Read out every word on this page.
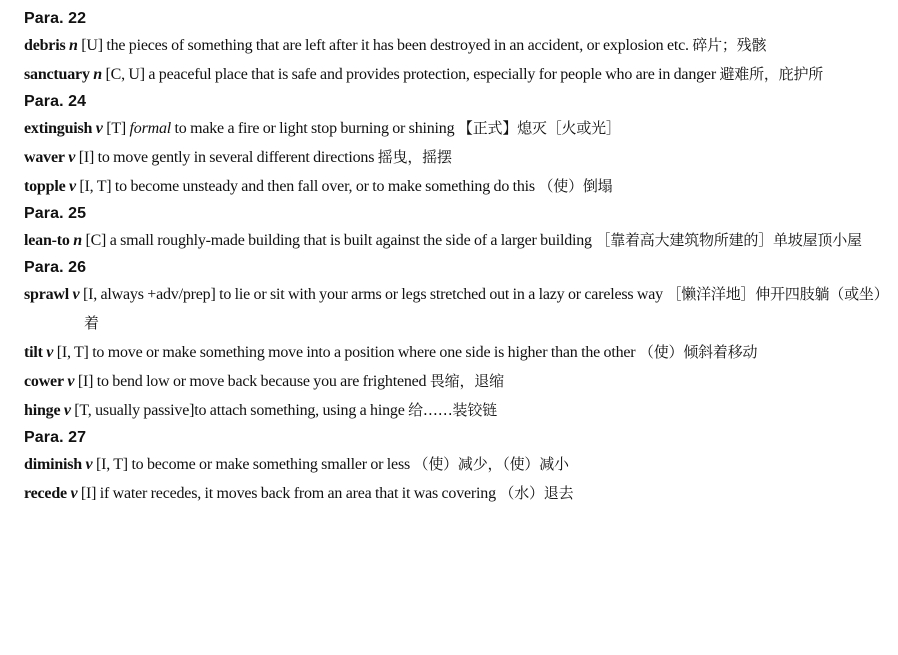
Para. 22

debris n [U] the pieces of something that are left after it has been destroyed in an accident, or explosion etc. 碎片；残骸

sanctuary n [C, U] a peaceful place that is safe and provides protection, especially for people who are in danger 避难所，庇护所

Para. 24

extinguish v [T] formal to make a fire or light stop burning or shining 【正式】熄灭［火或光］

waver v [I] to move gently in several different directions 摇曳，摇摆

topple v [I, T] to become unsteady and then fall over, or to make something do this （使）倒塌

Para. 25

lean-to n [C] a small roughly-made building that is built against the side of a larger building ［靠着高大建筑物所建的］单坡屋顶小屋

Para. 26

sprawl v [I, always +adv/prep] to lie or sit with your arms or legs stretched out in a lazy or careless way ［懒洋洋地］伸开四肢躺（或坐）着

tilt v [I, T] to move or make something move into a position where one side is higher than the other （使）倾斜着移动

cower v [I] to bend low or move back because you are frightened 畏缩，退缩

hinge v [T, usually passive]to attach something, using a hinge 给……装铰链

Para. 27

diminish v [I, T] to become or make something smaller or less （使）减少，（使）减小

recede v [I] if water recedes, it moves back from an area that it was covering （水）退去
